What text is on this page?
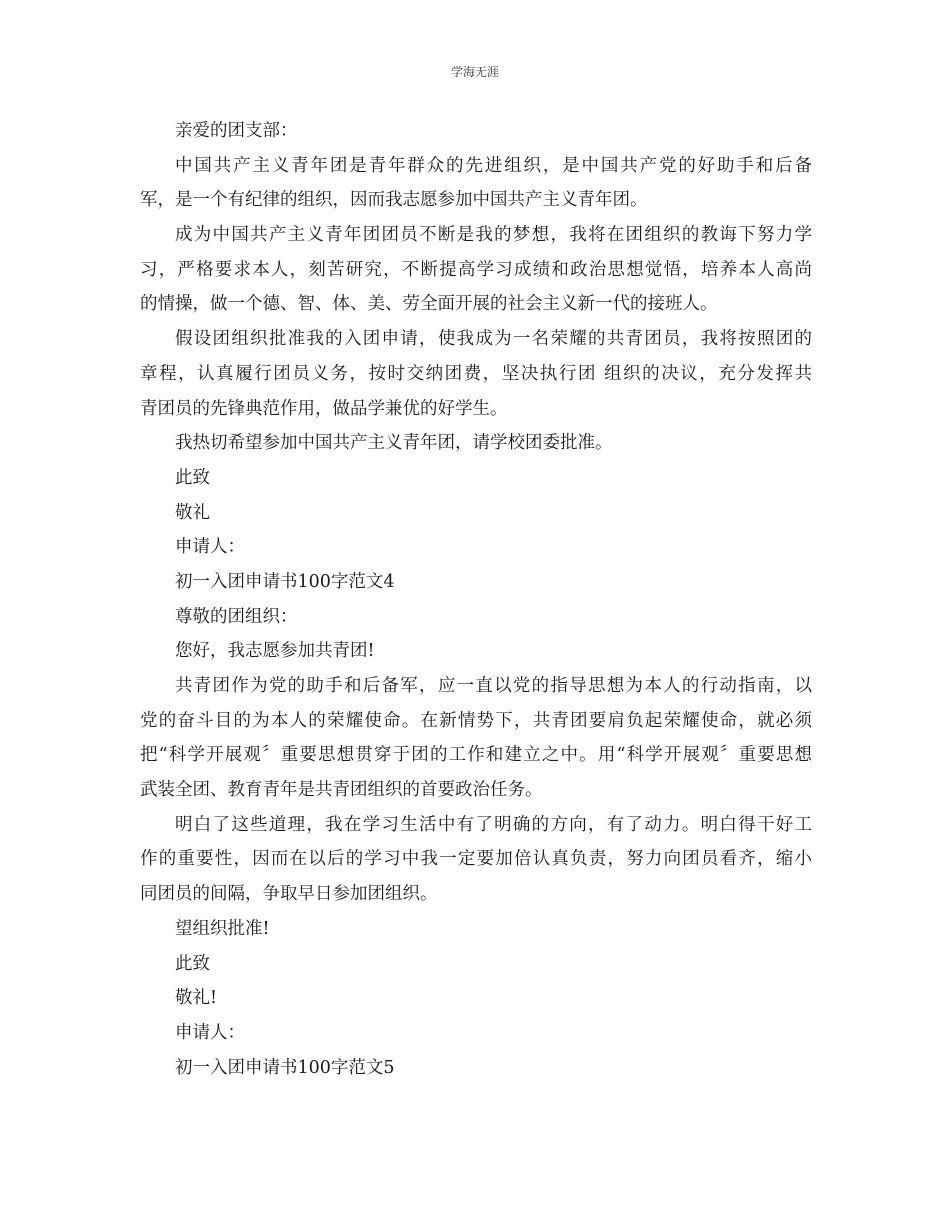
学海无涯

亲爱的团支部：

中国共产主义青年团是青年群众的先进组织，是中国共产党的好助手和后备

军，是一个有纪律的组织，因而我志愿参加中国共产主义青年团。

成为中国共产主义青年团团员不断是我的梦想，我将在团组织的教诲下努力学

习，严格要求本人，刻苦研究，不断提高学习成绩和政治思想觉悟，培养本人高尚

的情操，做一个德、智、体、美、劳全面开展的社会主义新一代的接班人。

假设团组织批准我的入团申请，使我成为一名荣耀的共青团员，我将按照团的

章程，认真履行团员义务，按时交纳团费，坚决执行团 组织的决议，充分发挥共

青团员的先锋典范作用，做品学兼优的好学生。

我热切希望参加中国共产主义青年团，请学校团委批准。

此致

敬礼

申请人：

初一入团申请书100字范文4

尊敬的团组织：

您好，我志愿参加共青团!

共青团作为党的助手和后备军，应一直以党的指导思想为本人的行动指南，以

党的奋斗目的为本人的荣耀使命。在新情势下，共青团要肩负起荣耀使命，就必须

把“科学开展观〞重要思想贯穿于团的工作和建立之中。用“科学开展观〞重要思想

武装全团、教育青年是共青团组织的首要政治任务。

明白了这些道理，我在学习生活中有了明确的方向，有了动力。明白得干好工

作的重要性，因而在以后的学习中我一定要加倍认真负责，努力向团员看齐，缩小

同团员的间隔，争取早日参加团组织。

望组织批准!

此致

敬礼!

申请人：

初一入团申请书100字范文5
